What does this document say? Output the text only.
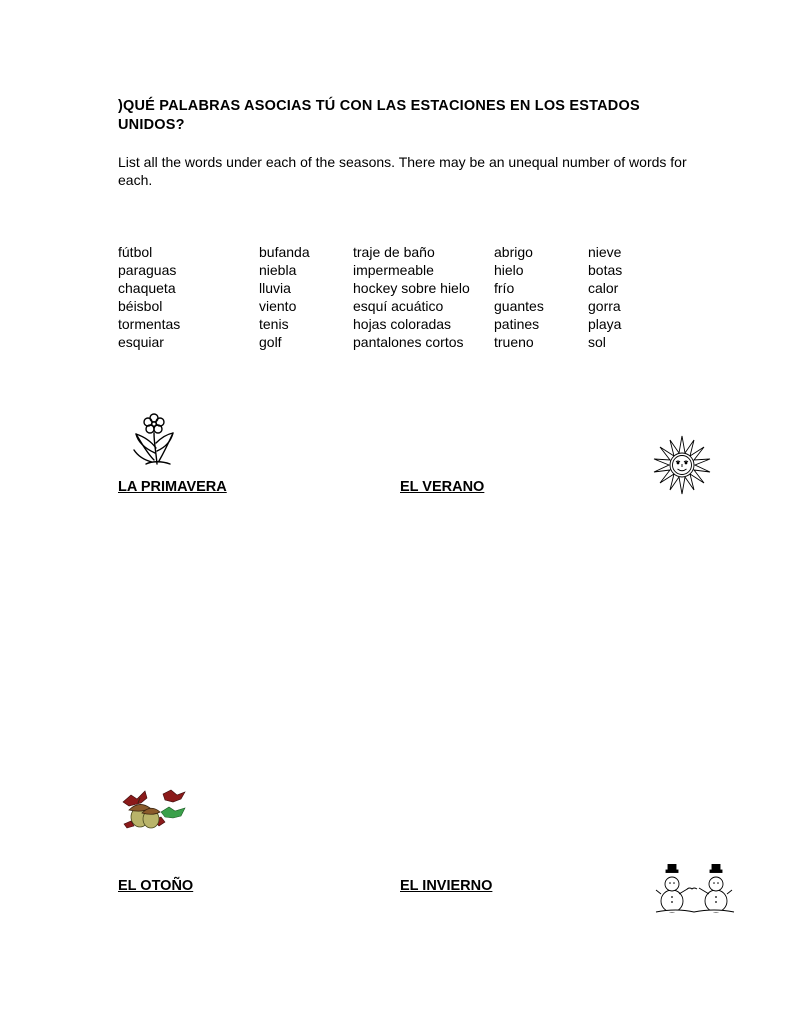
)QUÉ PALABRAS ASOCIAS TÚ CON LAS ESTACIONES EN LOS ESTADOS UNIDOS?
List all the words under each of the seasons. There may be an unequal number of words for each.
fútbol
paraguas
chaqueta
béisbol
tormentas
esquiar
bufanda
niebla
lluvia
viento
tenis
golf
traje de baño
impermeable
hockey sobre hielo
esquí acuático
hojas coloradas
pantalones cortos
abrigo
hielo
frío
guantes
patines
trueno
nieve
botas
calor
gorra
playa
sol
LA PRIMAVERA	EL VERANO
EL OTOÑO	EL INVIERNO
